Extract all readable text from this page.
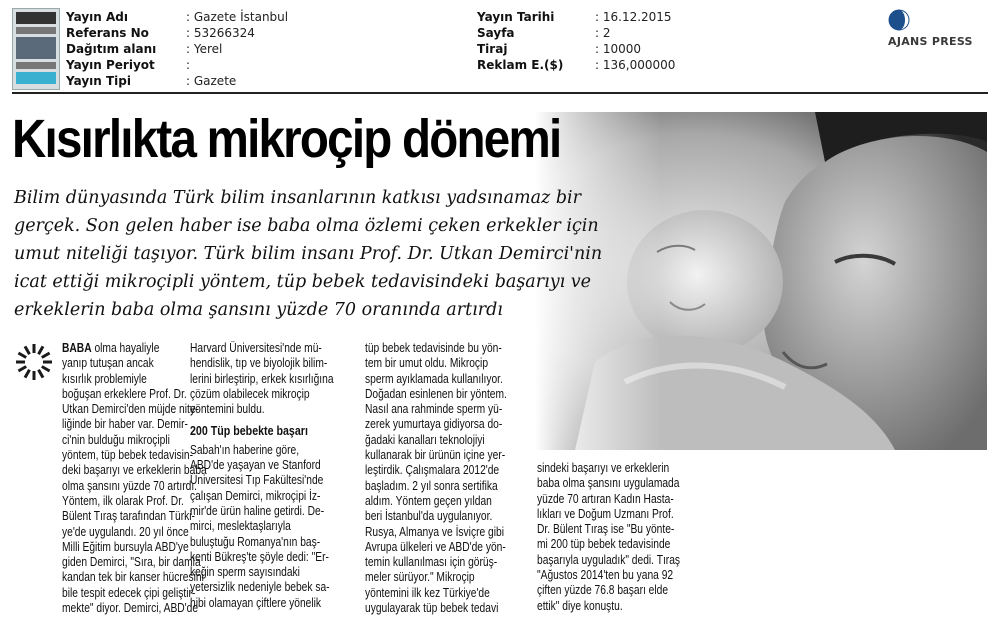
Yayın Adı	: Gazete İstanbul
Referans No	: 53266324
Dağıtım alanı : Yerel
Yayın Periyot	:
Yayın Tipi	: Gazete
Yayın Tarihi	: 16.12.2015
Sayfa	: 2
Tiraj	: 10000
Reklam E.($)	: 136,000000
AJANS PRESS
Kısırlıkta mikroçip dönemi

Bilim dünyasında Türk bilim insanlarının katkısı yadsınamaz bir
gerçek. Son gelen haber ise baba olma özlemi çeken erkekler için
umut niteliği taşıyor. Türk bilim insanı Prof. Dr. Utkan Demirci'nin
icat ettiği mikroçipli yöntem, tüp bebek tedavisindeki başarıyı ve
erkeklerin baba olma şansını yüzde 70 oranında artırdı

BABA olma hayaliyle
yanıp tutuşan ancak
kısırlık problemiyle
boğuşan erkeklere Prof. Dr.
Utkan Demirci'den müjde nite-
liğinde bir haber var. Demir-
ci'nin bulduğu mikroçipli
yöntem, tüp bebek tedavisin-
deki başarıyı ve erkeklerin baba
olma şansını yüzde 70 artırdı.
Yöntem, ilk olarak Prof. Dr.
Bülent Tıraş tarafından Türki-
ye'de uygulandı. 20 yıl önce
Milli Eğitim bursuyla ABD'ye
giden Demirci, "Sıra, bir damla
kandan tek bir kanser hücresini
bile tespit edecek çipi geliştir-
mekte" diyor. Demirci, ABD'de
Harvard Üniversitesi'nde mü-
hendislik, tıp ve biyolojik bilim-
lerini birleştirip, erkek kısırlığına
çözüm olabilecek mikroçip
yöntemini buldu.
200 Tüp bebekte başarı
Sabah'ın haberine göre,
ABD'de yaşayan ve Stanford
Üniversitesi Tıp Fakültesi'nde
çalışan Demirci, mikroçipi İz-
mir'de ürün haline getirdi. De-
mirci, meslektaşlarıyla
buluştuğu Romanya'nın baş-
kenti Bükreş'te şöyle dedi: "Er-
keğin sperm sayısındaki
yetersizlik nedeniyle bebek sa-
hibi olamayan çiftlere yönelik
tüp bebek tedavisinde bu yön-
tem bir umut oldu. Mikroçip
sperm ayıklamada kullanılıyor.
Doğadan esinlenen bir yöntem.
Nasıl ana rahminde sperm yü-
zerek yumurtaya gidiyorsa do-
ğadaki kanalları teknolojiyi
kullanarak bir ürünün içine yer-
leştirdik. Çalışmalara 2012'de
başladım. 2 yıl sonra sertifika
aldım. Yöntem geçen yıldan
beri İstanbul'da uygulanıyor.
Rusya, Almanya ve İsviçre gibi
Avrupa ülkeleri ve ABD'de yön-
temin kullanılması için görüş-
meler sürüyor." Mikroçip
yöntemini ilk kez Türkiye'de
uygulayarak tüp bebek tedavi
sindeki başarıyı ve erkeklerin
baba olma şansını uygulamada
yüzde 70 artıran Kadın Hasta-
lıkları ve Doğum Uzmanı Prof.
Dr. Bülent Tıraş ise "Bu yönte-
mi 200 tüp bebek tedavisinde
başarıyla uyguladık" dedi. Tıraş
"Ağustos 2014'ten bu yana 92
çiften yüzde 76.8 başarı elde
ettik" diye konuştu.
